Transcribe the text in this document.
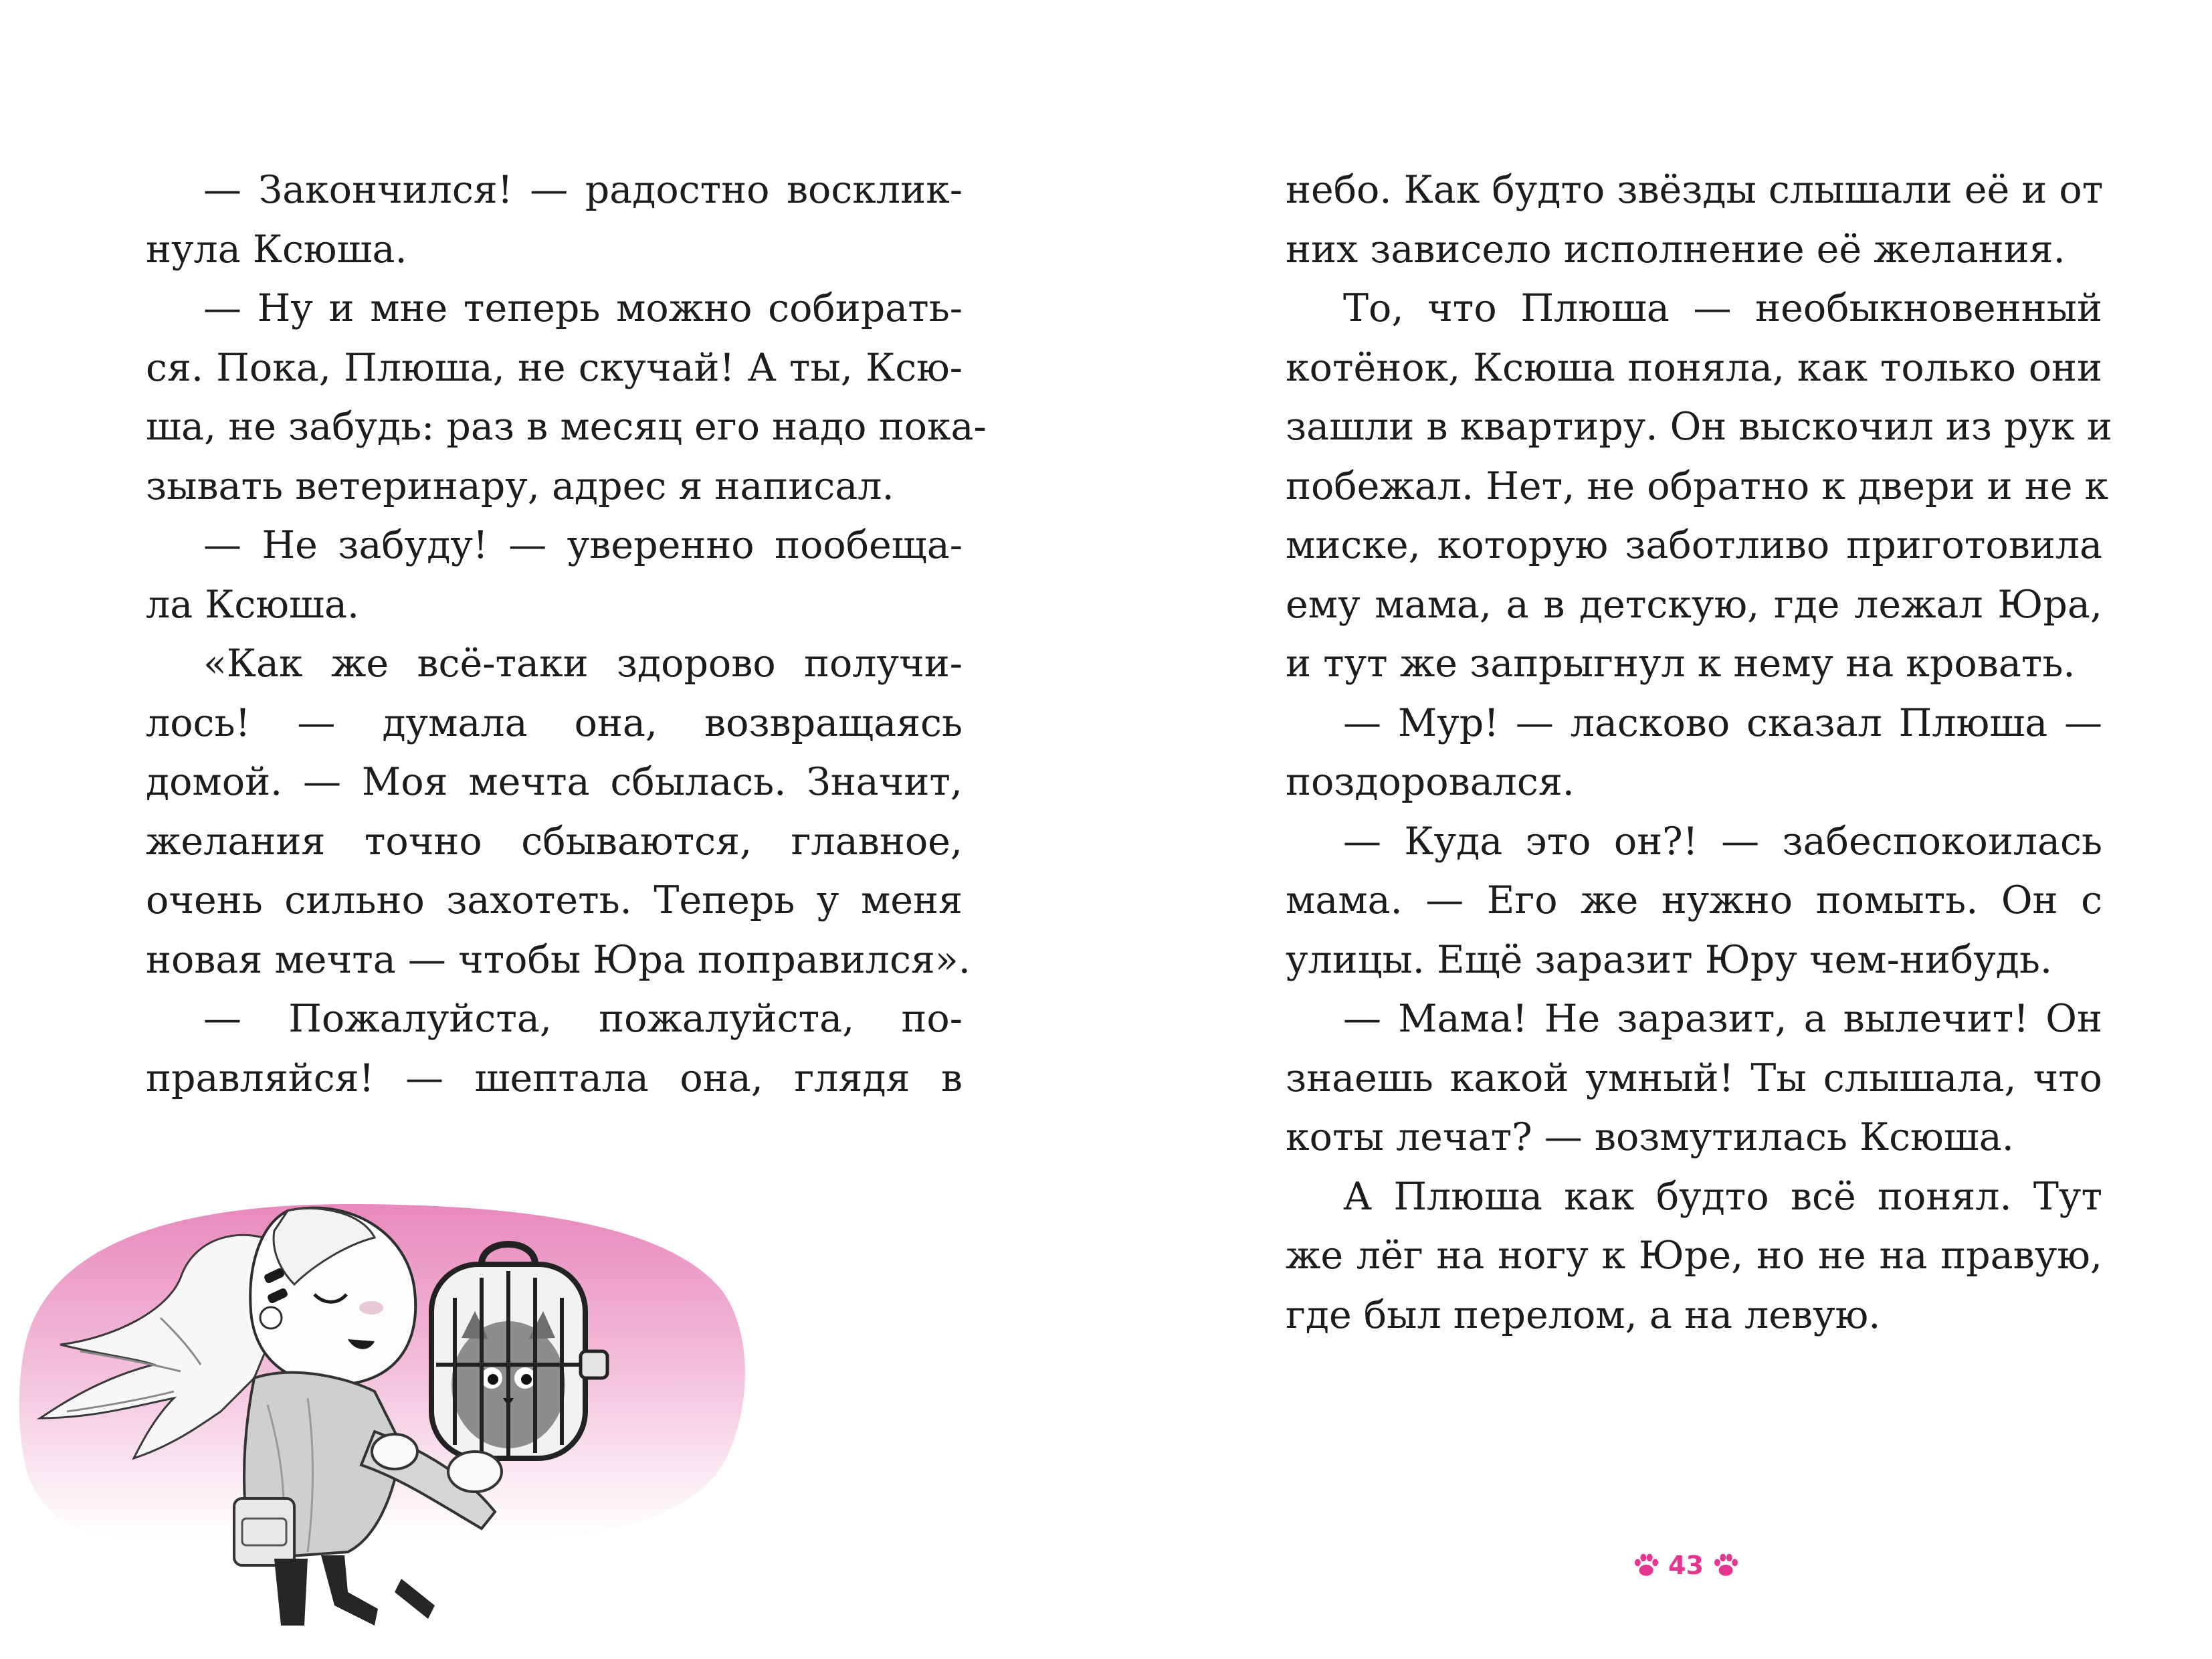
— Закончился! — радостно восклик-
нула Ксюша.
— Ну и мне теперь можно собирать-
ся. Пока, Плюша, не скучай! А ты, Ксю-
ша, не забудь: раз в месяц его надо пока-
зывать ветеринару, адрес я написал.
— Не забуду! — уверенно пообеща-
ла Ксюша.
«Как же всё-таки здорово получи-
лось! — думала она, возвращаясь
домой. — Моя мечта сбылась. Значит,
желания точно сбываются, главное,
очень сильно захотеть. Теперь у меня
новая мечта — чтобы Юра поправился».
— Пожалуйста, пожалуйста, по-
правляйся! — шептала она, глядя в
небо. Как будто звёзды слышали её и от
них зависело исполнение её желания.
То, что Плюша — необыкновенный
котёнок, Ксюша поняла, как только они
зашли в квартиру. Он выскочил из рук и
побежал. Нет, не обратно к двери и не к
миске, которую заботливо приготовила
ему мама, а в детскую, где лежал Юра,
и тут же запрыгнул к нему на кровать.
— Мур! — ласково сказал Плюша —
поздоровался.
— Куда это он?! — забеспокоилась
мама. — Его же нужно помыть. Он с
улицы. Ещё заразит Юру чем-нибудь.
— Мама! Не заразит, а вылечит! Он
знаешь какой умный! Ты слышала, что
коты лечат? — возмутилась Ксюша.
А Плюша как будто всё понял. Тут
же лёг на ногу к Юре, но не на правую,
где был перелом, а на левую.
43
